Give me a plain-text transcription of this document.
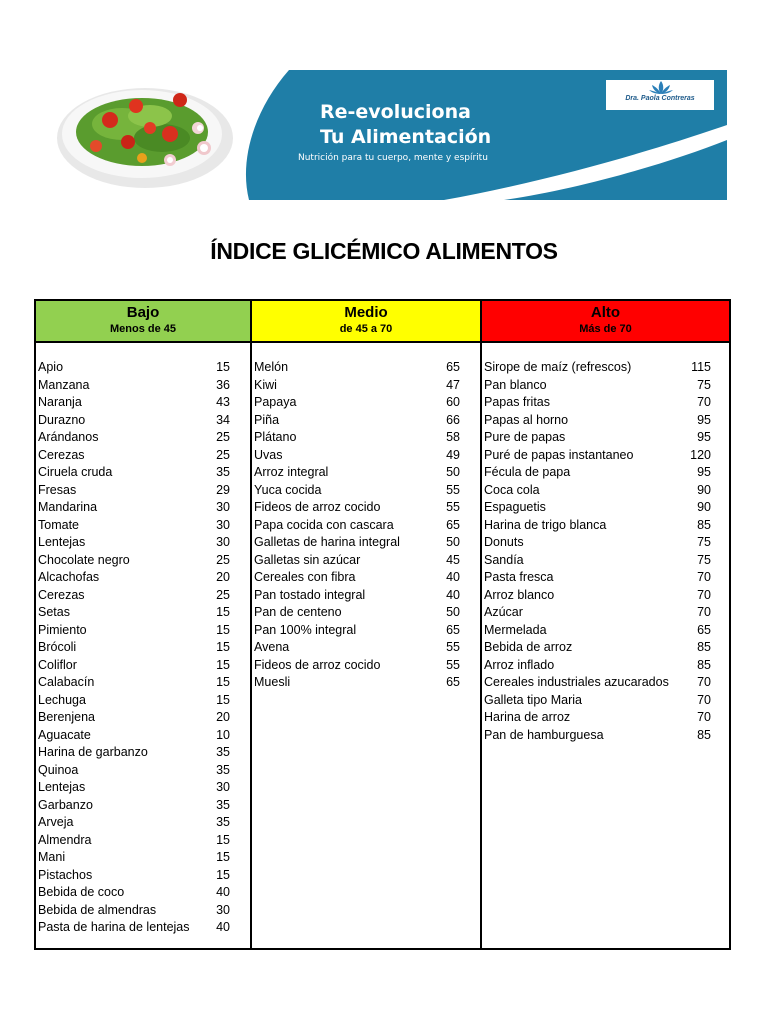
Re-evoluciona
Tu Alimentación
Nutrición para tu cuerpo, mente y espíritu
Dra. Paola Contreras
ÍNDICE GLICÉMICO ALIMENTOS
Bajo
Menos de 45
Apio	15
Manzana	36
Naranja	43
Durazno	34
Arándanos	25
Cerezas	25
Ciruela cruda	35
Fresas	29
Mandarina	30
Tomate	30
Lentejas	30
Chocolate negro	25
Alcachofas	20
Cerezas	25
Setas	15
Pimiento	15
Brócoli	15
Coliflor	15
Calabacín	15
Lechuga	15
Berenjena	20
Aguacate	10
Harina de garbanzo	35
Quinoa	35
Lentejas	30
Garbanzo	35
Arveja	35
Almendra	15
Mani	15
Pistachos	15
Bebida de coco	40
Bebida de almendras	30
Pasta de harina de lentejas 40
Medio
de 45 a 70
Melón	65
Kiwi	47
Papaya	60
Piña	66
Plátano	58
Uvas	49
Arroz integral	50
Yuca cocida	55
Fideos de arroz cocido	55
Papa cocida con cascara	65
Galletas de harina integral	50
Galletas sin azúcar	45
Cereales con fibra	40
Pan tostado integral	40
Pan de centeno	50
Pan 100% integral	65
Avena	55
Fideos de arroz cocido	55
Muesli	65
Alto
Más de 70
Sirope de maíz (refrescos)	115
Pan blanco	75
Papas fritas	70
Papas al horno	95
Pure de papas	95
Puré de papas instantaneo	120
Fécula de papa	95
Coca cola	90
Espaguetis	90
Harina de trigo blanca	85
Donuts	75
Sandía	75
Pasta fresca	70
Arroz blanco	70
Azúcar	70
Mermelada	65
Bebida de arroz	85
Arroz inflado	85
Cereales industriales azucarados 70
Galleta tipo Maria	70
Harina de arroz	70
Pan de hamburguesa	85
